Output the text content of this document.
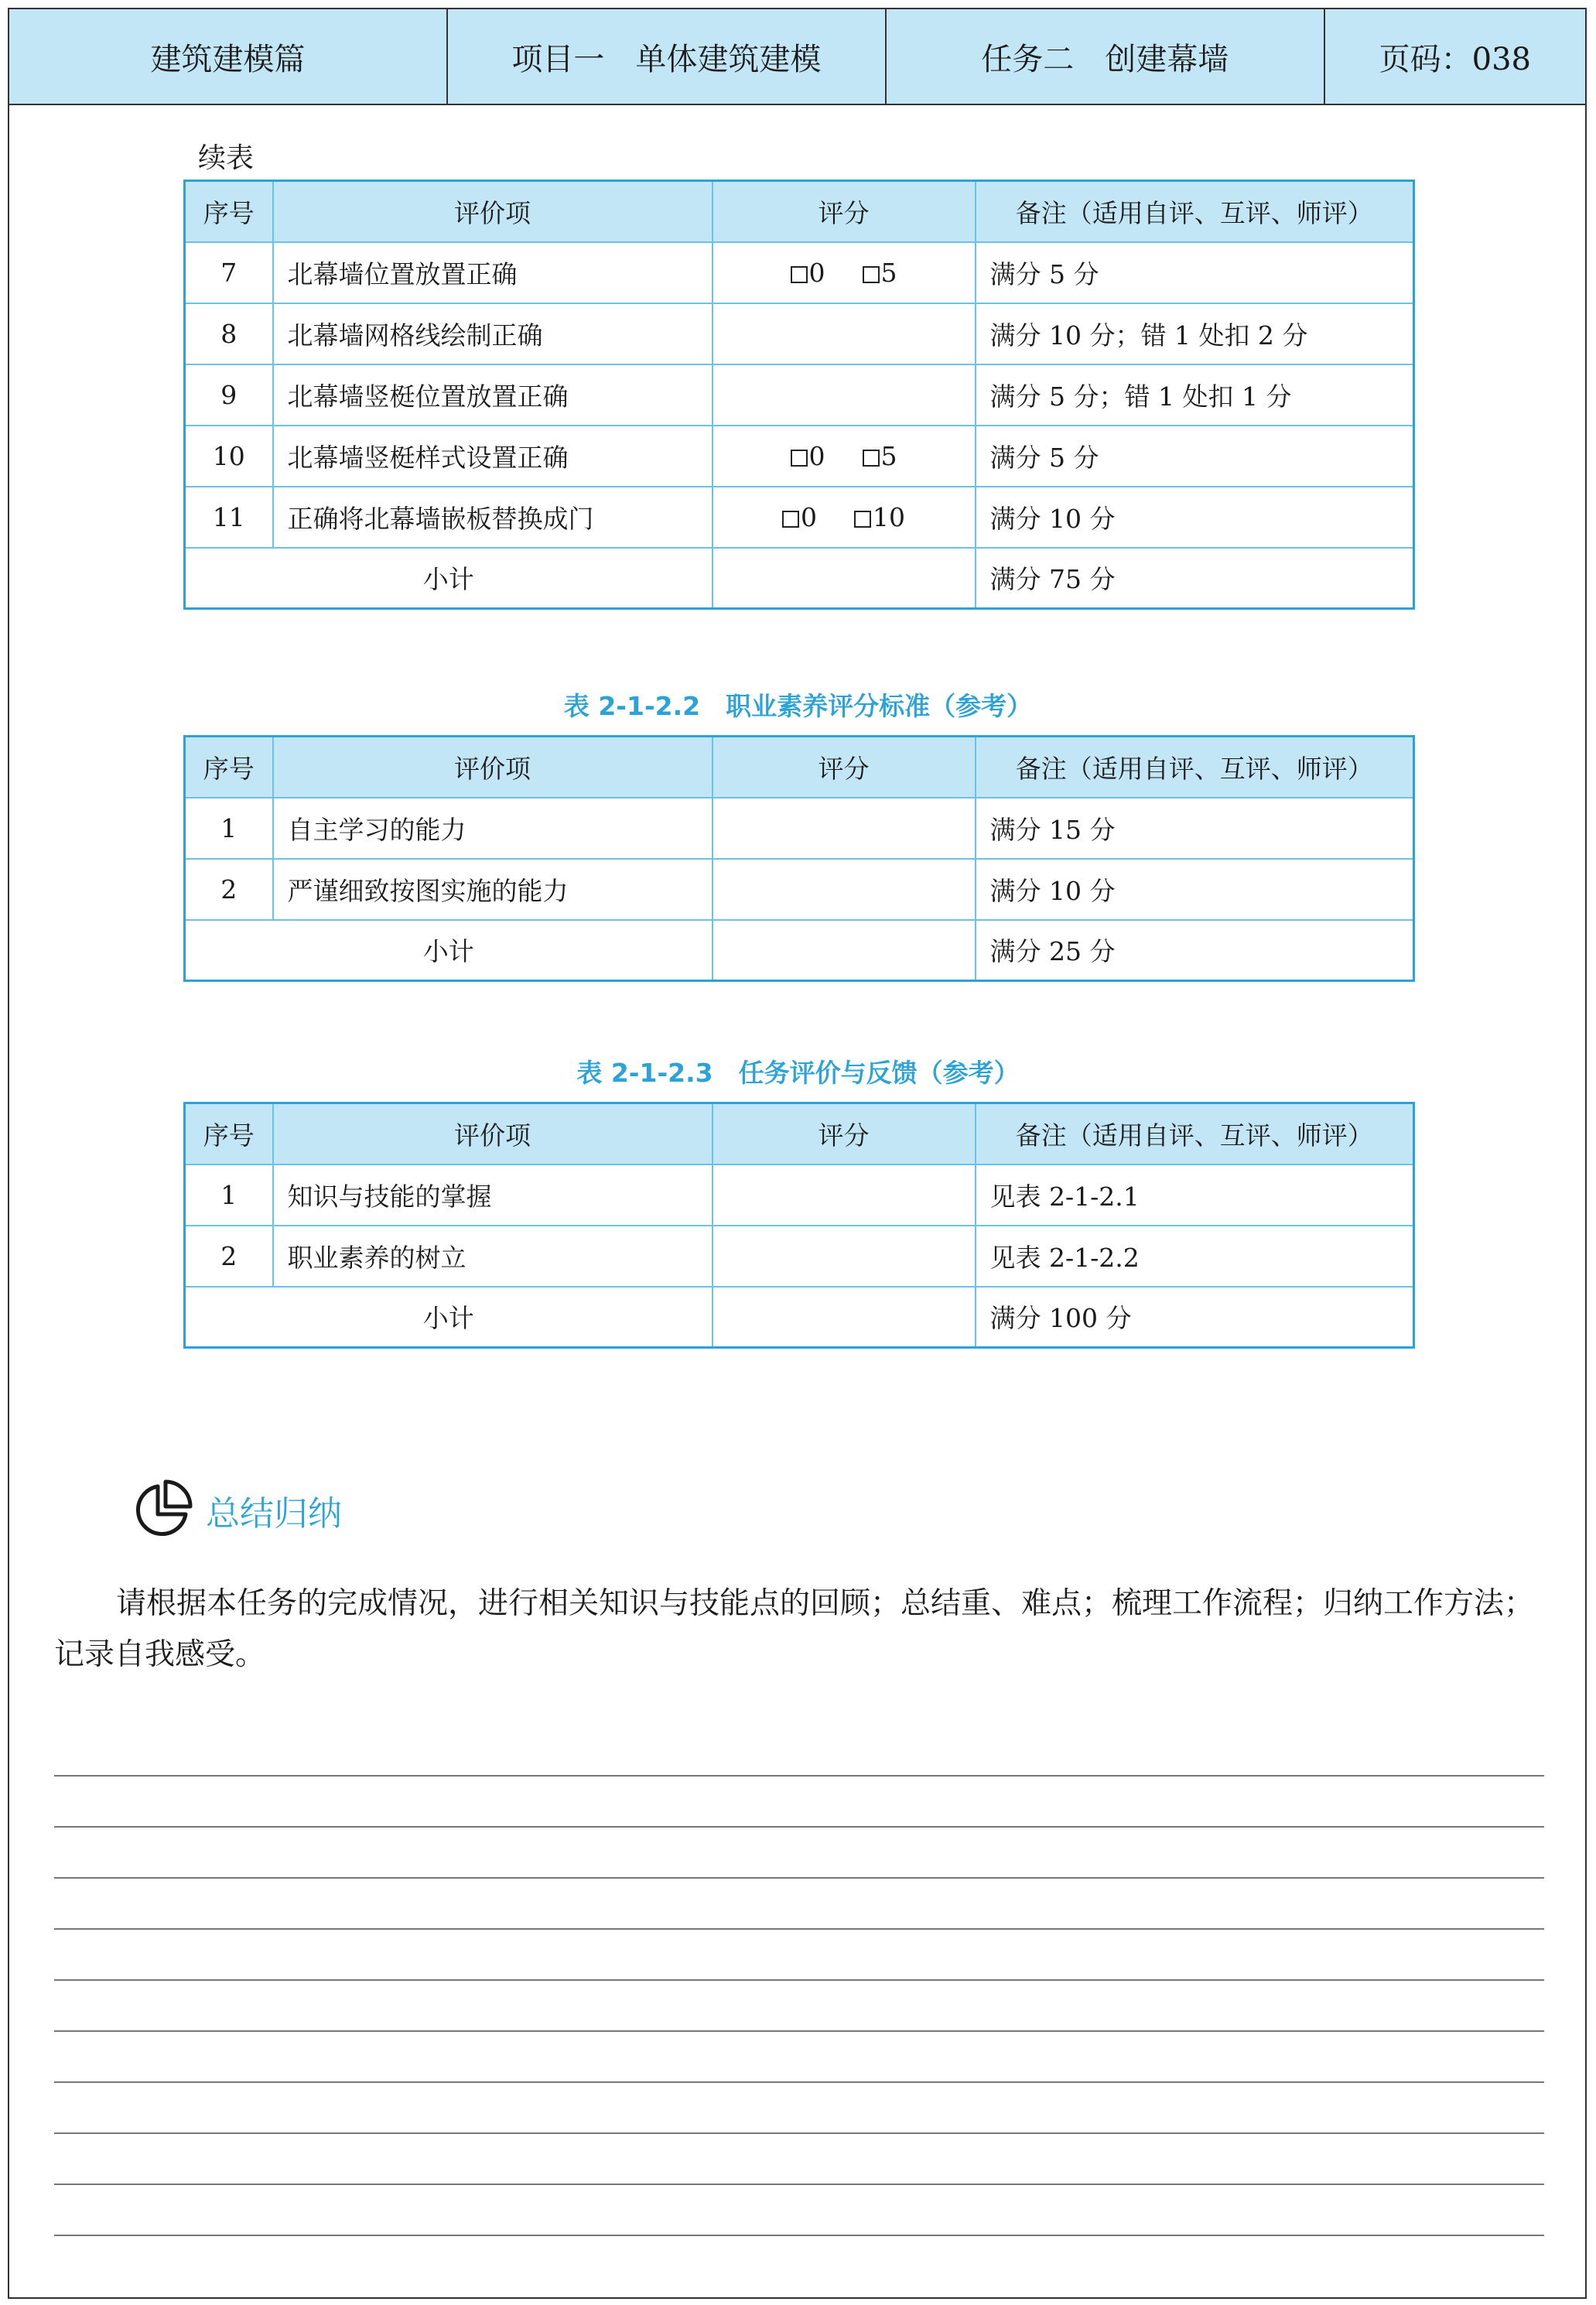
建筑建模篇	项目一　单体建筑建模	任务二　创建幕墙	页码：038
续表
序号	评价项	评分	备注（适用自评、互评、师评）
7	北幕墙位置放置正确	0 5	满分 5 分
8	北幕墙网格线绘制正确		满分 10 分；错 1 处扣 2 分
9	北幕墙竖梃位置放置正确		满分 5 分；错 1 处扣 1 分
10	北幕墙竖梃样式设置正确	0 5	满分 5 分
11	正确将北幕墙嵌板替换成门	0 10	满分 10 分
小计			满分 75 分
表 2-1-2.2　职业素养评分标准（参考）
序号	评价项	评分	备注（适用自评、互评、师评）
1	自主学习的能力		满分 15 分
2	严谨细致按图实施的能力		满分 10 分
小计			满分 25 分
表 2-1-2.3　任务评价与反馈（参考）
序号	评价项	评分	备注（适用自评、互评、师评）
1	知识与技能的掌握		见表 2-1-2.1
2	职业素养的树立		见表 2-1-2.2
小计			满分 100 分
总结归纳
请根据本任务的完成情况，进行相关知识与技能点的回顾；总结重、难点；梳理工作流程；归纳工作方法；记录自我感受。
